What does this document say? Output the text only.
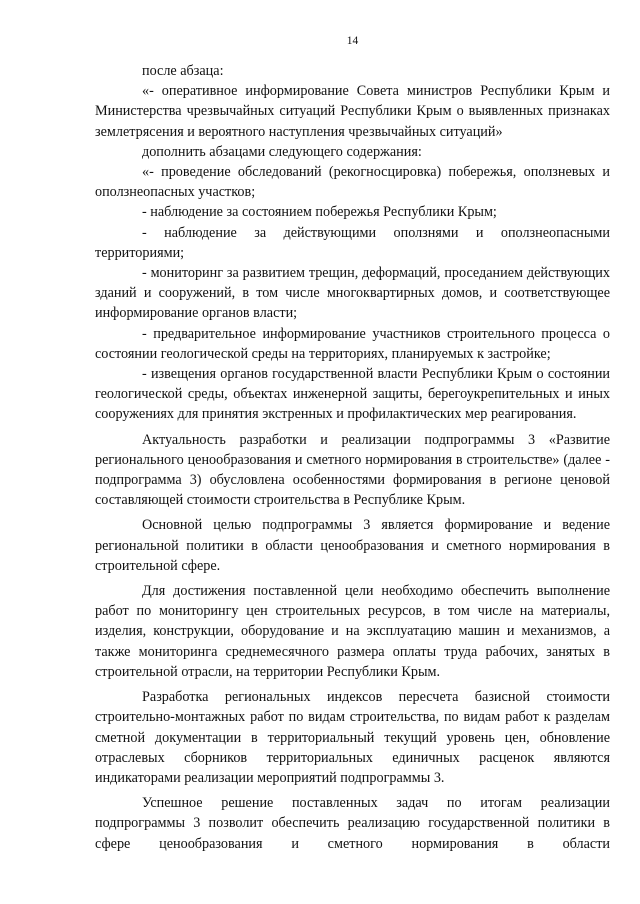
14

после абзаца:

«- оперативное информирование Совета министров Республики Крым и Министерства чрезвычайных ситуаций Республики Крым о выявленных признаках землетрясения и вероятного наступления чрезвычайных ситуаций»

дополнить абзацами следующего содержания:

«- проведение обследований (рекогносцировка) побережья, оползневых и оползнеопасных участков;

- наблюдение за состоянием побережья Республики Крым;

- наблюдение за действующими оползнями и оползнеопасными территориями;

- мониторинг за развитием трещин, деформаций, проседанием действующих зданий и сооружений, в том числе многоквартирных домов, и соответствующее информирование органов власти;

- предварительное информирование участников строительного процесса о состоянии геологической среды на территориях, планируемых к застройке;

- извещения органов государственной власти Республики Крым о состоянии геологической среды, объектах инженерной защиты, берегоукрепительных и иных сооружениях для принятия экстренных и профилактических мер реагирования.

Актуальность разработки и реализации подпрограммы 3 «Развитие регионального ценообразования и сметного нормирования в строительстве» (далее - подпрограмма 3) обусловлена особенностями формирования в регионе ценовой составляющей стоимости строительства в Республике Крым.

Основной целью подпрограммы 3 является формирование и ведение региональной политики в области ценообразования и сметного нормирования в строительной сфере.

Для достижения поставленной цели необходимо обеспечить выполнение работ по мониторингу цен строительных ресурсов, в том числе на материалы, изделия, конструкции, оборудование и на эксплуатацию машин и механизмов, а также мониторинга среднемесячного размера оплаты труда рабочих, занятых в строительной отрасли, на территории Республики Крым.

Разработка региональных индексов пересчета базисной стоимости строительно-монтажных работ по видам строительства, по видам работ к разделам сметной документации в территориальный текущий уровень цен, обновление отраслевых сборников территориальных единичных расценок являются индикаторами реализации мероприятий подпрограммы 3.

Успешное решение поставленных задач по итогам реализации подпрограммы 3 позволит обеспечить реализацию государственной политики в сфере ценообразования и сметного нормирования в области
